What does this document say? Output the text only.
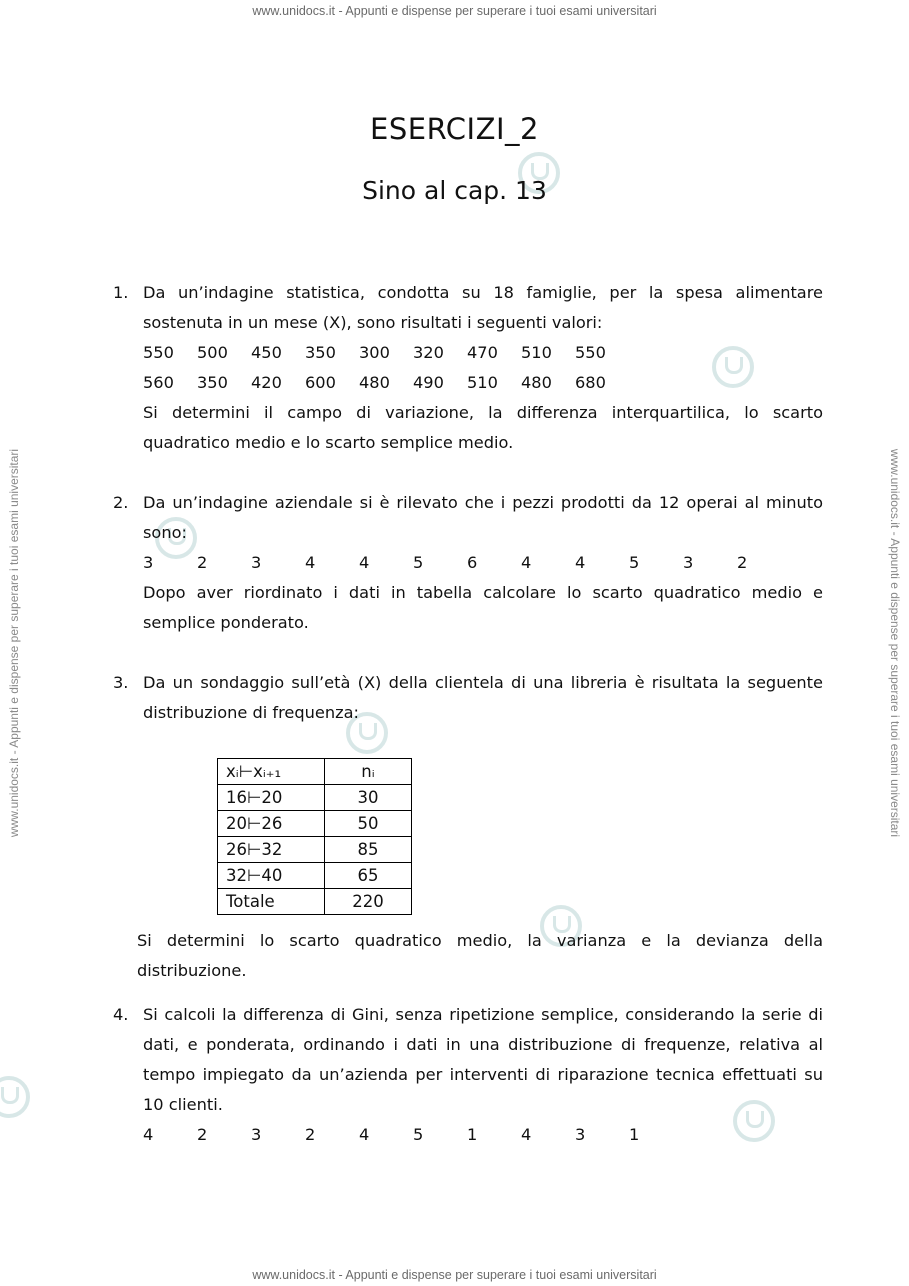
www.unidocs.it - Appunti e dispense per superare i tuoi esami universitari
www.unidocs.it - Appunti e dispense per superare i tuoi esami universitari
www.unidocs.it - Appunti e dispense per superare i tuoi esami universitari	www.unidocs.it - Appunti e dispense per superare i tuoi esami universitari
ESERCIZI_2
Sino al cap. 13
1. Da un’indagine statistica, condotta su 18 famiglie, per la spesa alimentare sostenuta in un mese (X), sono risultati i seguenti valori:

550	500	450	350	300	320	470	510	550
560	350	420	600	480	490	510	480	680

Si determini il campo di variazione, la differenza interquartilica, lo scarto quadratico medio e lo scarto semplice medio.

2. Da un’indagine aziendale si è rilevato che i pezzi prodotti da 12 operai al minuto sono:

3	2	3	4	4	5	6	4	4	5	3	2

Dopo aver riordinato i dati in tabella calcolare lo scarto quadratico medio e semplice ponderato.

3. Da un sondaggio sull’età (X) della clientela di una libreria è risultata la seguente distribuzione di frequenza:

xᵢ⊢xᵢ₊₁	nᵢ
16⊢20	30
20⊢26	50
26⊢32	85
32⊢40	65
Totale	220

Si determini lo scarto quadratico medio, la varianza e la devianza della distribuzione.

4. Si calcoli la differenza di Gini, senza ripetizione semplice, considerando la serie di dati, e ponderata, ordinando i dati in una distribuzione di frequenze, relativa al tempo impiegato da un’azienda per interventi di riparazione tecnica effettuati su 10 clienti.

4	2	3	2	4	5	1	4	3	1
